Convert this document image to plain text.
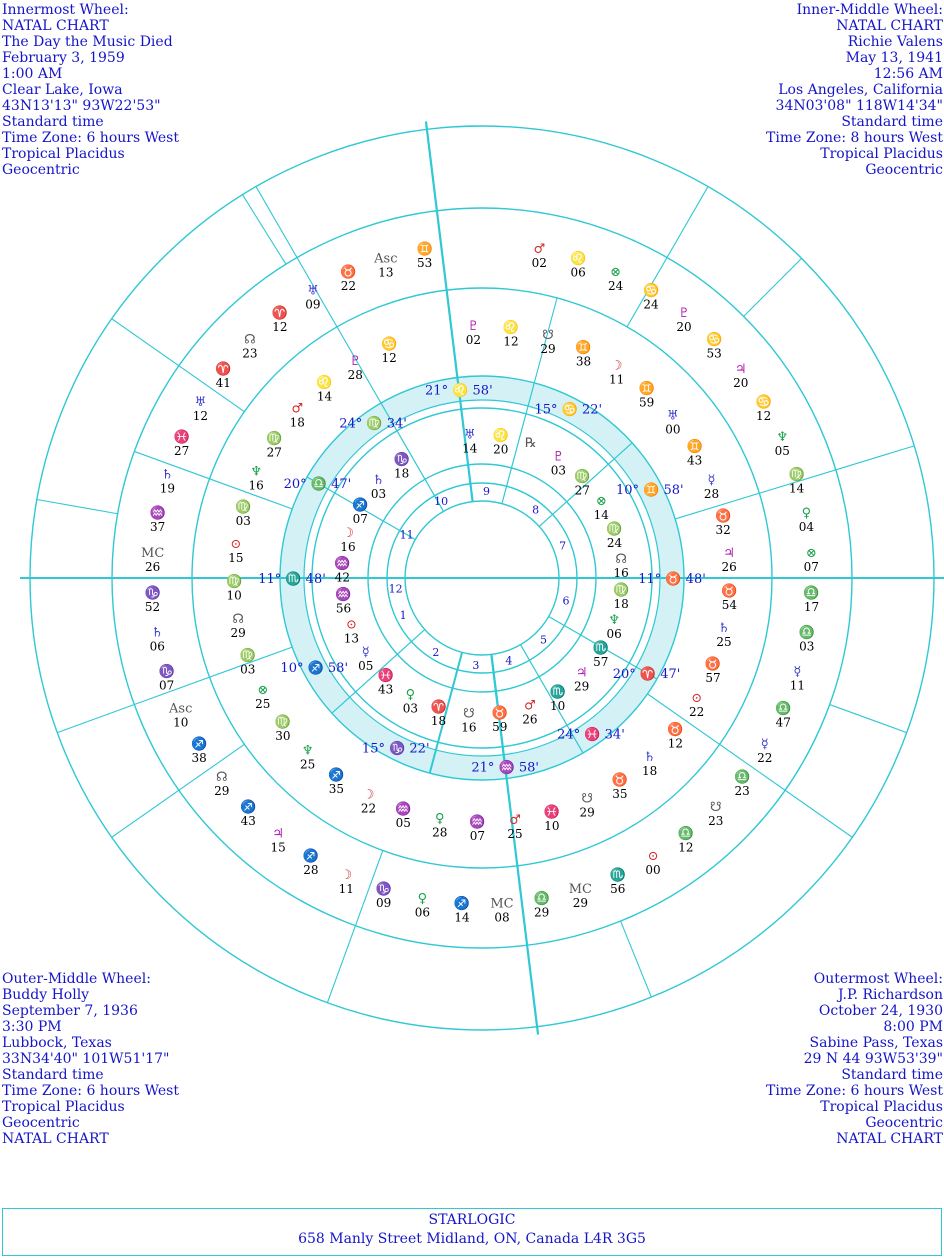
1
2
3 4
5
6
7
8
9
10
11
12
21° ♌ 58'
15° ♋ 22'
10° ♊ 58'
11° ♉ 48'
20° ♈ 47'
24° ♓ 34'
21° ♒ 58'
15° ♑ 22'
10° ♐ 58'
11° ♏ 48'
20° ♎ 47'
24° ♍ 34'
♅
14
♌
20 ℞
♇
03 ♍
27
⊗
14
♍
24
☊
16
♍
18
♆
06
♏
57
♃
29
♏
10
♂
26
♉
59
☋
16
♈
18
♀
03
♓
43
☿
05
⊙
13
♒
56
♒
42
☽
16
♐
07
♄
03
♑
18
♇
02
♌
12 ☋
29 ♊
38 ☽
11
♊
59
♅
00
♊
43
☿
28
♉
32
♃
26
♉
54
♄
25
♉
57
⊙
22
♉
12
♄
18
♉
35
☋
29
♓
10
♂
25
♒
07
♀
28
♒
05
☽
22
♐
35
♆
25
♍
30
⊗
25
♍
03
☊
29
♍
10
⊙
15
♍
03
♆
16
♍
27
♂
18
♌
14
♇
28
♋
12
♂
02 ♌
06 ⊗
24 ♋
24
♇
20
♋
53
♃
20
♋
12
♆
05
♍
14
♀
04
⊗
07
♎
17
♎
03
☿
11
♎
47
☿
22
♎
23
☋
23
♎
12
⊙
00
♏
56
MC
29
♎
29
MC
08
♐
14
♀
06
♑
09
☽
11
♐
28
♃
15
♐
43
☊
29
♐
38
Asc
10
♑
07
♄
06
♑
52
MC
26
♒
37
♄
19
♓
27
♅
12
♈
41
☊
23
♈
12
♅
09
♉
22
Asc
13
♊
53
Innermost Wheel:
NATAL CHART
The Day the Music Died
February 3, 1959
1:00 AM
Clear Lake, Iowa
43N13'13" 93W22'53"
Standard time
Time Zone: 6 hours West
Tropical Placidus
Geocentric
Inner-Middle Wheel:
NATAL CHART
Richie Valens
May 13, 1941
12:56 AM
Los Angeles, California
34N03'08" 118W14'34"
Standard time
Time Zone: 8 hours West
Tropical Placidus
Geocentric
Outer-Middle Wheel:
Buddy Holly
September 7, 1936
3:30 PM
Lubbock, Texas
33N34'40" 101W51'17"
Standard time
Time Zone: 6 hours West
Tropical Placidus
Geocentric
NATAL CHART
Outermost Wheel:
J.P. Richardson
October 24, 1930
8:00 PM
Sabine Pass, Texas
29 N 44 93W53'39"
Standard time
Time Zone: 6 hours West
Tropical Placidus
Geocentric
NATAL CHART
STARLOGIC
658 Manly Street Midland, ON, Canada L4R 3G5
